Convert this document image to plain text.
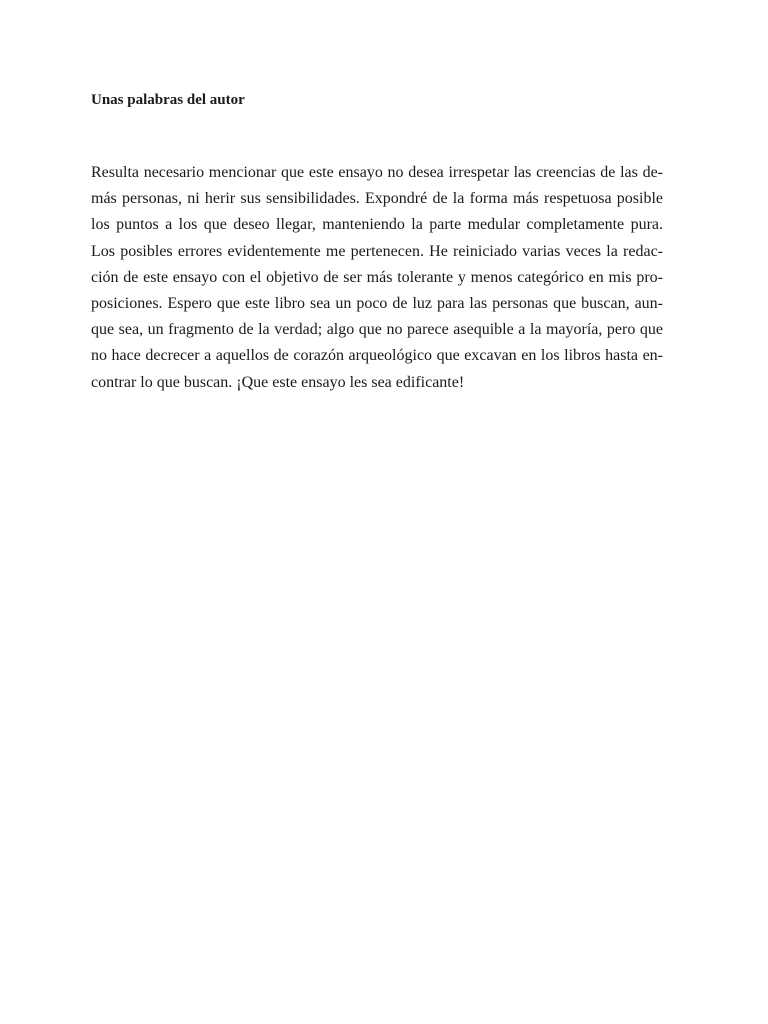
Unas palabras del autor
Resulta necesario mencionar que este ensayo no desea irrespetar las creencias de las de-
más personas, ni herir sus sensibilidades. Expondré de la forma más respetuosa posible
los puntos a los que deseo llegar, manteniendo la parte medular completamente pura.
Los posibles errores evidentemente me pertenecen. He reiniciado varias veces la redac-
ción de este ensayo con el objetivo de ser más tolerante y menos categórico en mis pro-
posiciones. Espero que este libro sea un poco de luz para las personas que buscan, aun-
que sea, un fragmento de la verdad; algo que no parece asequible a la mayoría, pero que
no hace decrecer a aquellos de corazón arqueológico que excavan en los libros hasta en-
contrar lo que buscan. ¡Que este ensayo les sea edificante!
